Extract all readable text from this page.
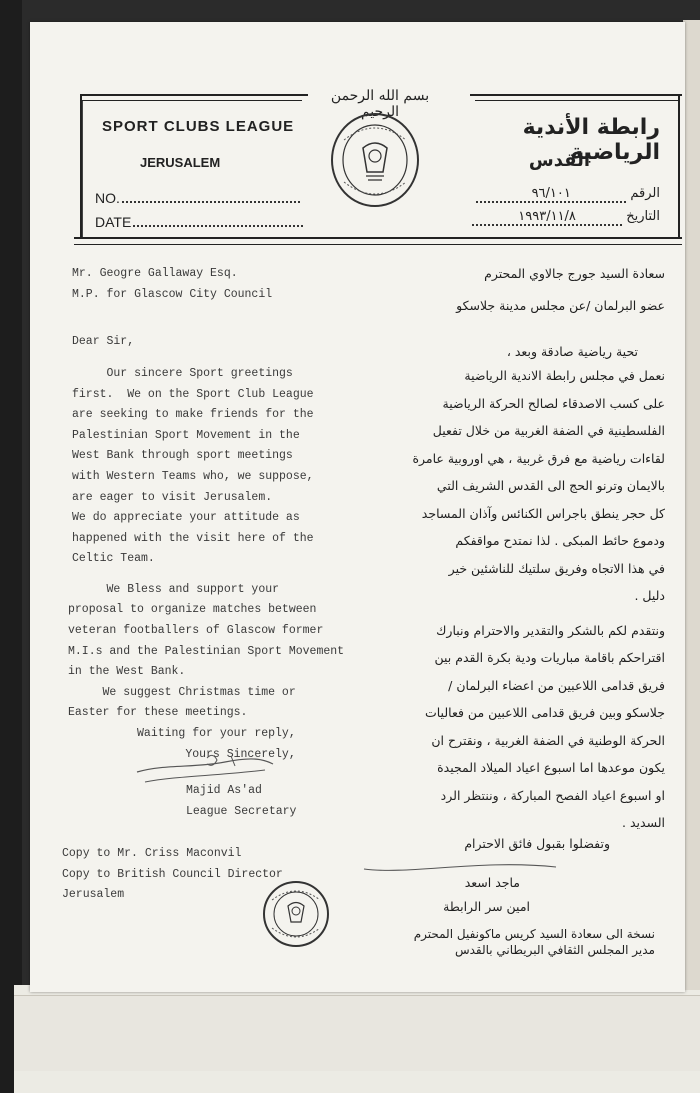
بسم الله الرحمن الرحيم
SPORT CLUBS LEAGUE
JERUSALEM
NO.
DATE
رابطة الأندية الرياضية
القدس
الرقم ٩٦/١٠١
التاريخ ١٩٩٣/١١/٨
Mr. Geogre Gallaway Esq.
M.P. for Glascow City Council
Dear Sir,
Our sincere Sport greetings
first.  We on the Sport Club League
are seeking to make friends for the
Palestinian Sport Movement in the
West Bank through sport meetings
with Western Teams who, we suppose,
are eager to visit Jerusalem.
We do appreciate your attitude as
happened with the visit here of the
Celtic Team.
We Bless and support your
proposal to organize matches between
veteran footballers of Glascow former
M.I.s and the Palestinian Sport Movement
in the West Bank.
We suggest Christmas time or
Easter for these meetings.
Waiting for your reply,
Yours Sincerely,
Majid As'ad
League Secretary
Copy to Mr. Criss Maconvil
Copy to British Council Director
Jerusalem
سعادة السيد جورج جالاوي المحترم
عضو البرلمان /عن مجلس مدينة جلاسكو
تحية رياضية صادقة وبعد ،
نعمل في مجلس رابطة الاندية الرياضية
على كسب الاصدقاء لصالح الحركة الرياضية
الفلسطينية في الضفة الغربية من خلال تفعيل
لقاءات رياضية مع فرق غربية ، هي اوروبية عامرة
بالايمان وترنو الحج الى القدس الشريف التي
كل حجر ينطق باجراس الكنائس وآذان المساجد
ودموع حائط المبكى . لذا نمتدح مواقفكم
في هذا الاتجاه وفريق سلتيك للناشئين خير
دليل .
ونتقدم لكم بالشكر والتقدير والاحترام ونبارك
اقتراحكم باقامة مباريات ودية بكرة القدم بين
فريق قدامى اللاعبين من اعضاء البرلمان /
جلاسكو وبين فريق قدامى اللاعبين من فعاليات
الحركة الوطنية في الضفة الغربية ، ونقترح ان
يكون موعدها اما اسبوع اعياد الميلاد المجيدة
او اسبوع اعياد الفصح المباركة ، وننتظر الرد
السديد .
وتفضلوا بقبول فائق الاحترام
ماجد اسعد
امين سر الرابطة
نسخة الى سعادة السيد كريس ماكونفيل المحترم
مدير المجلس الثقافي البريطاني بالقدس
